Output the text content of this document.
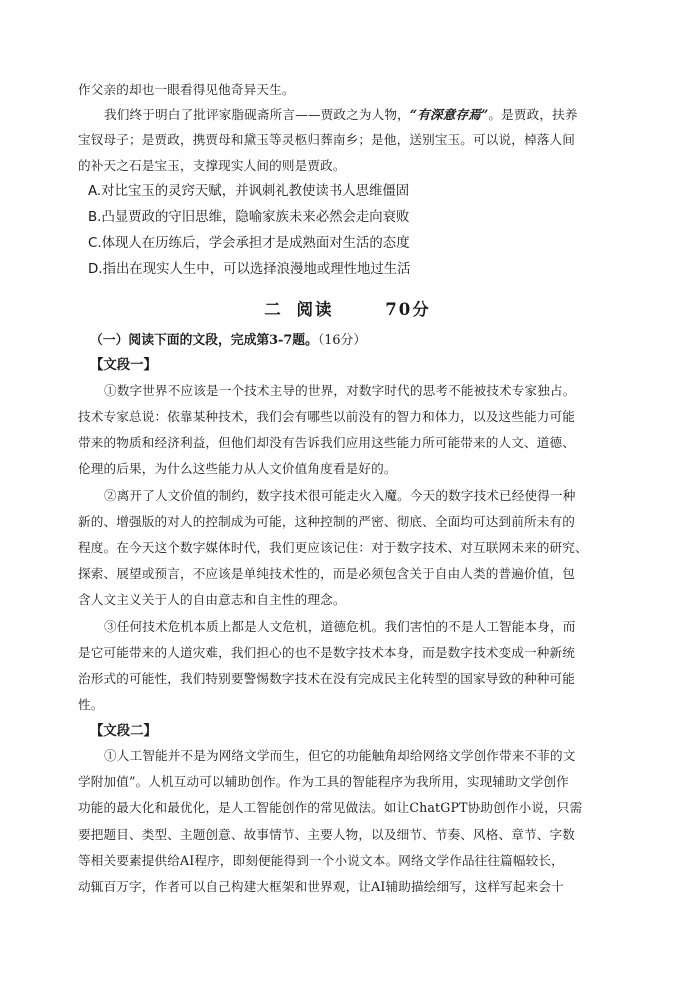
作父亲的却也一眼看得见他奇异天生。
我们终于明白了批评家脂砚斋所言——贾政之为人物，“有深意存焉”。是贾政，扶养
宝钗母子；是贾政，携贾母和黛玉等灵柩归葬南乡；是他，送别宝玉。可以说，棹落人间
的补天之石是宝玉，支撑现实人间的则是贾政。
A.对比宝玉的灵窍天赋，并讽刺礼教使读书人思维僵固
B.凸显贾政的守旧思维，隐喻家族未来必然会走向衰败
C.体现人在历练后，学会承担才是成熟面对生活的态度
D.指出在现实人生中，可以选择浪漫地或理性地过生活
二 阅读	70分
（一）阅读下面的文段，完成第3-7题。（16分）
【文段一】
①数字世界不应该是一个技术主导的世界，对数字时代的思考不能被技术专家独占。
技术专家总说：依靠某种技术，我们会有哪些以前没有的智力和体力，以及这些能力可能
带来的物质和经济利益，但他们却没有告诉我们应用这些能力所可能带来的人文、道德、
伦理的后果，为什么这些能力从人文价值角度看是好的。
②离开了人文价值的制约，数字技术很可能走火入魔。今天的数字技术已经使得一种
新的、增强版的对人的控制成为可能，这种控制的严密、彻底、全面均可达到前所未有的
程度。在今天这个数字媒体时代，我们更应该记住：对于数字技术、对互联网未来的研究、
探索、展望或预言，不应该是单纯技术性的，而是必须包含关于自由人类的普遍价值，包
含人文主义关于人的自由意志和自主性的理念。
③任何技术危机本质上都是人文危机，道德危机。我们害怕的不是人工智能本身，而
是它可能带来的人道灾难，我们担心的也不是数字技术本身，而是数字技术变成一种新统
治形式的可能性，我们特别要警惕数字技术在没有完成民主化转型的国家导致的种种可能
性。
【文段二】
①人工智能并不是为网络文学而生，但它的功能触角却给网络文学创作带来不菲的文
学附加值”。人机互动可以辅助创作。作为工具的智能程序为我所用，实现辅助文学创作
功能的最大化和最优化，是人工智能创作的常见做法。如让ChatGPT协助创作小说，只需
要把题目、类型、主题创意、故事情节、主要人物，以及细节、节奏、风格、章节、字数
等相关要素提供给AI程序，即刻便能得到一个小说文本。网络文学作品往往篇幅较长，
动辄百万字，作者可以自己构建大框架和世界观，让AI辅助描绘细写，这样写起来会十
